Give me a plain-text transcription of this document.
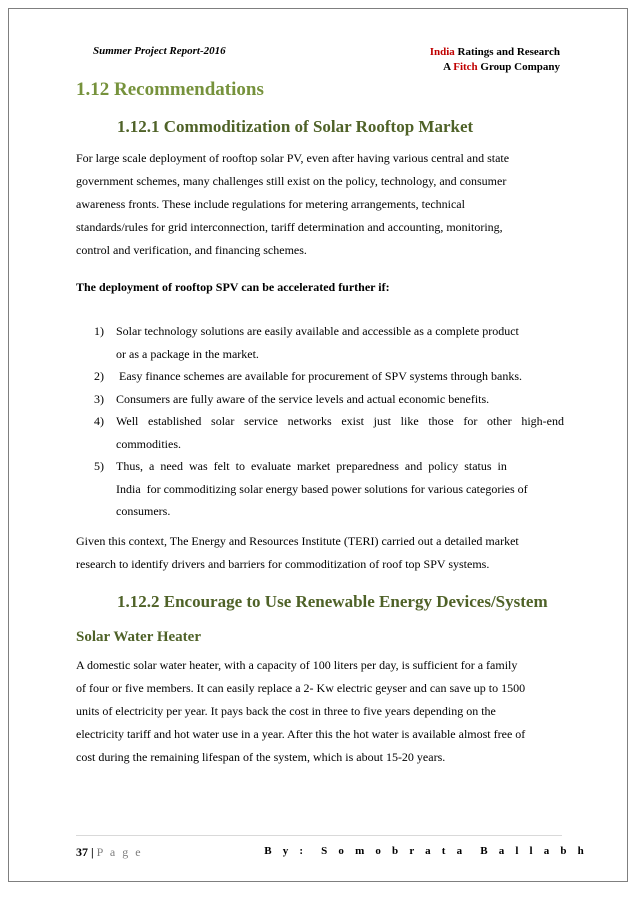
Summer Project Report-2016	India Ratings and Research
A Fitch Group Company
1.12 Recommendations
1.12.1 Commoditization of Solar Rooftop Market
For large scale deployment of rooftop solar PV, even after having various central and state
government schemes, many challenges still exist on the policy, technology, and consumer
awareness fronts. These include regulations for metering arrangements, technical
standards/rules for grid interconnection, tariff determination and accounting, monitoring,
control and verification, and financing schemes.
The deployment of rooftop SPV can be accelerated further if:
1) Solar technology solutions are easily available and accessible as a complete product
or as a package in the market.
2) Easy finance schemes are available for procurement of SPV systems through banks.
3) Consumers are fully aware of the service levels and actual economic benefits.
4) Well established solar service networks exist just like those for other high-end
commodities.
5) Thus, a need was felt to evaluate market preparedness and policy status in
India  for commoditizing solar energy based power solutions for various categories of
consumers.
Given this context, The Energy and Resources Institute (TERI) carried out a detailed market
research to identify drivers and barriers for commoditization of roof top SPV systems.
1.12.2 Encourage to Use Renewable Energy Devices/System
Solar Water Heater
A domestic solar water heater, with a capacity of 100 liters per day, is sufficient for a family
of four or five members. It can easily replace a 2- Kw electric geyser and can save up to 1500
units of electricity per year. It pays back the cost in three to five years depending on the
electricity tariff and hot water use in a year. After this the hot water is available almost free of
cost during the remaining lifespan of the system, which is about 15-20 years.
37 | P a g e	B y :  S o m o b r a t a  B a l l a b h
